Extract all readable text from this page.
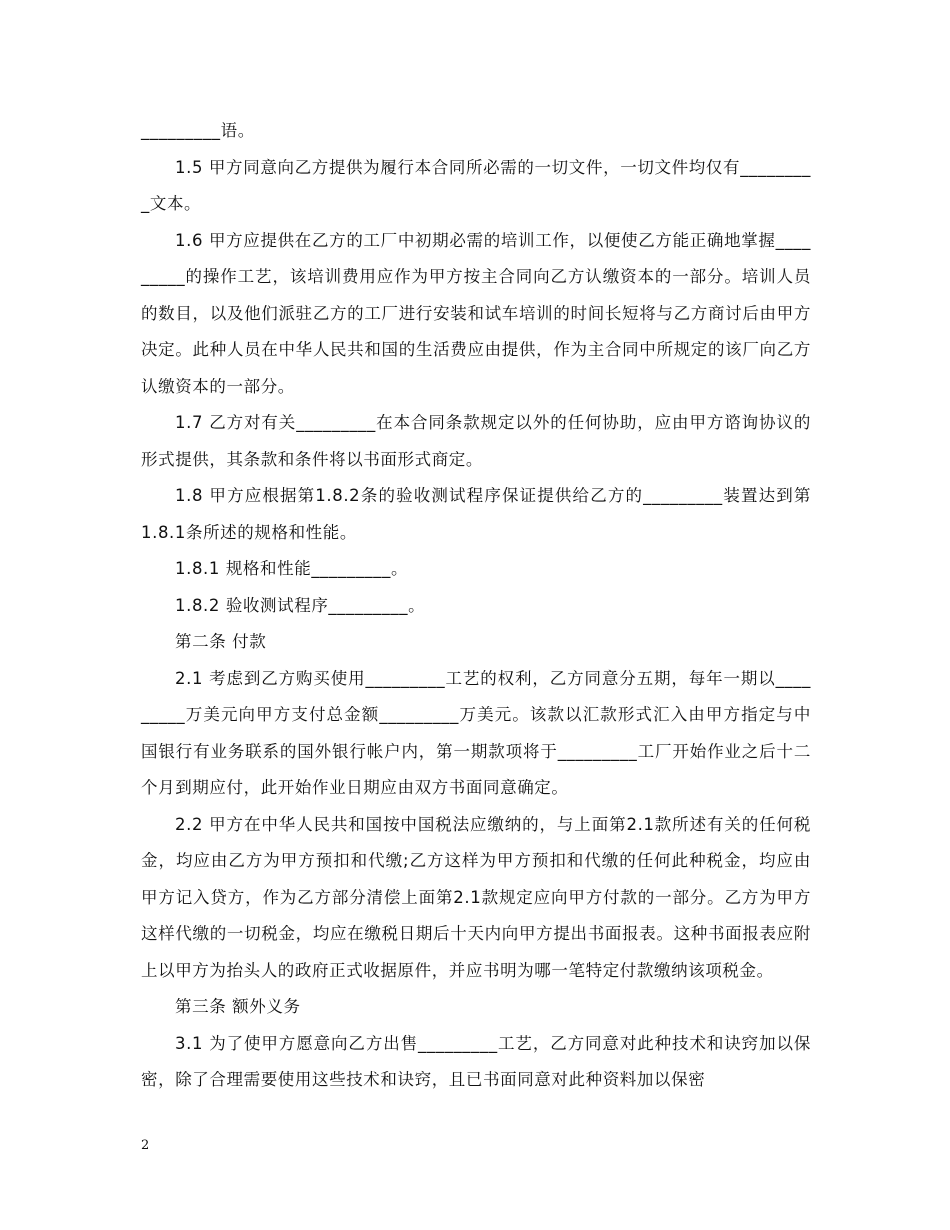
_________语。

1.5 甲方同意向乙方提供为履行本合同所必需的一切文件，一切文件均仅有_________文本。

1.6 甲方应提供在乙方的工厂中初期必需的培训工作，以便使乙方能正确地掌握_________的操作工艺，该培训费用应作为甲方按主合同向乙方认缴资本的一部分。培训人员的数目，以及他们派驻乙方的工厂进行安装和试车培训的时间长短将与乙方商讨后由甲方决定。此种人员在中华人民共和国的生活费应由提供，作为主合同中所规定的该厂向乙方认缴资本的一部分。

1.7 乙方对有关_________在本合同条款规定以外的任何协助，应由甲方谘询协议的形式提供，其条款和条件将以书面形式商定。

1.8 甲方应根据第1.8.2条的验收测试程序保证提供给乙方的_________装置达到第1.8.1条所述的规格和性能。

1.8.1 规格和性能_________。

1.8.2 验收测试程序_________。

第二条 付款

2.1 考虑到乙方购买使用_________工艺的权利，乙方同意分五期，每年一期以_________万美元向甲方支付总金额_________万美元。该款以汇款形式汇入由甲方指定与中国银行有业务联系的国外银行帐户内，第一期款项将于_________工厂开始作业之后十二个月到期应付，此开始作业日期应由双方书面同意确定。

2.2 甲方在中华人民共和国按中国税法应缴纳的，与上面第2.1款所述有关的任何税金，均应由乙方为甲方预扣和代缴;乙方这样为甲方预扣和代缴的任何此种税金，均应由甲方记入贷方，作为乙方部分清偿上面第2.1款规定应向甲方付款的一部分。乙方为甲方这样代缴的一切税金，均应在缴税日期后十天内向甲方提出书面报表。这种书面报表应附上以甲方为抬头人的政府正式收据原件，并应书明为哪一笔特定付款缴纳该项税金。

第三条 额外义务

3.1 为了使甲方愿意向乙方出售_________工艺，乙方同意对此种技术和诀窍加以保密，除了合理需要使用这些技术和诀窍，且已书面同意对此种资料加以保密

2
